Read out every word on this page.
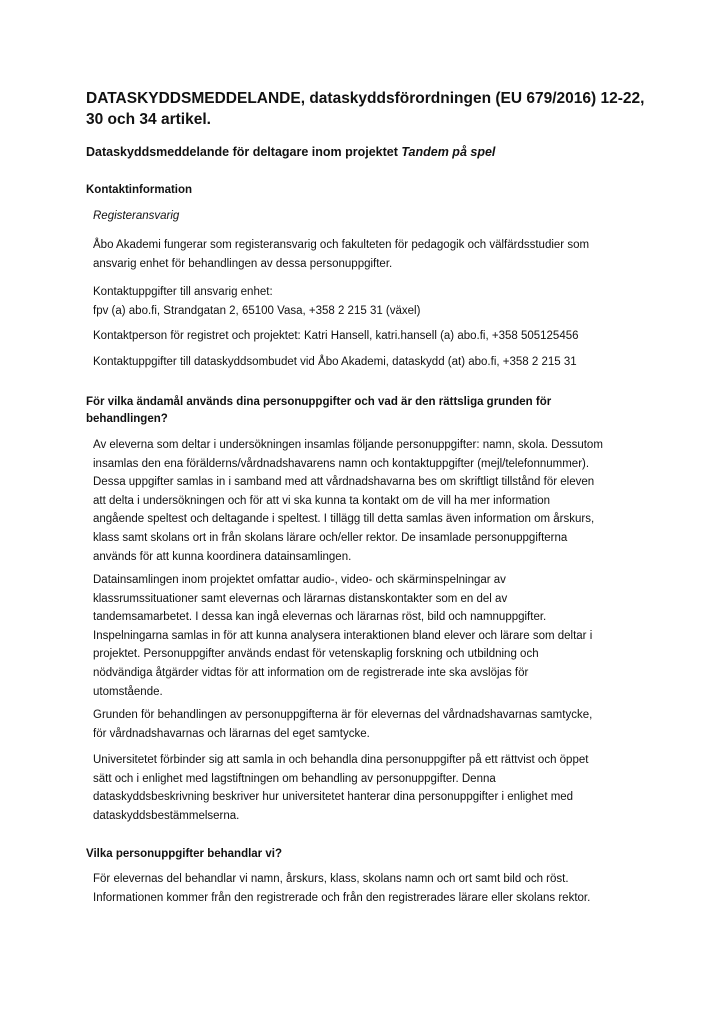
DATASKYDDSMEDDELANDE, dataskyddsförordningen (EU 679/2016) 12-22,
30 och 34 artikel.
Dataskyddsmeddelande för deltagare inom projektet Tandem på spel
Kontaktinformation

Registeransvarig

Åbo Akademi fungerar som registeransvarig och fakulteten för pedagogik och välfärdsstudier som
ansvarig enhet för behandlingen av dessa personuppgifter.

Kontaktuppgifter till ansvarig enhet:
fpv (a) abo.fi, Strandgatan 2, 65100 Vasa, +358 2 215 31 (växel)

Kontaktperson för registret och projektet: Katri Hansell, katri.hansell (a) abo.fi, +358 505125456

Kontaktuppgifter till dataskyddsombudet vid Åbo Akademi, dataskydd (at) abo.fi, +358 2 215 31

För vilka ändamål används dina personuppgifter och vad är den rättsliga grunden för
behandlingen?

Av eleverna som deltar i undersökningen insamlas följande personuppgifter: namn, skola. Dessutom
insamlas den ena förälderns/vårdnadshavarens namn och kontaktuppgifter (mejl/telefonnummer).
Dessa uppgifter samlas in i samband med att vårdnadshavarna bes om skriftligt tillstånd för eleven
att delta i undersökningen och för att vi ska kunna ta kontakt om de vill ha mer information
angående speltest och deltagande i speltest. I tillägg till detta samlas även information om årskurs,
klass samt skolans ort in från skolans lärare och/eller rektor. De insamlade personuppgifterna
används för att kunna koordinera datainsamlingen.

Datainsamlingen inom projektet omfattar audio-, video- och skärminspelningar av
klassrumssituationer samt elevernas och lärarnas distanskontakter som en del av
tandemsamarbetet. I dessa kan ingå elevernas och lärarnas röst, bild och namnuppgifter.
Inspelningarna samlas in för att kunna analysera interaktionen bland elever och lärare som deltar i
projektet. Personuppgifter används endast för vetenskaplig forskning och utbildning och
nödvändiga åtgärder vidtas för att information om de registrerade inte ska avslöjas för
utomstående.

Grunden för behandlingen av personuppgifterna är för elevernas del vårdnadshavarnas samtycke,
för vårdnadshavarnas och lärarnas del eget samtycke.

Universitetet förbinder sig att samla in och behandla dina personuppgifter på ett rättvist och öppet
sätt och i enlighet med lagstiftningen om behandling av personuppgifter. Denna
dataskyddsbeskrivning beskriver hur universitetet hanterar dina personuppgifter i enlighet med
dataskyddsbestämmelserna.

Vilka personuppgifter behandlar vi?

För elevernas del behandlar vi namn, årskurs, klass, skolans namn och ort samt bild och röst.
Informationen kommer från den registrerade och från den registrerades lärare eller skolans rektor.
